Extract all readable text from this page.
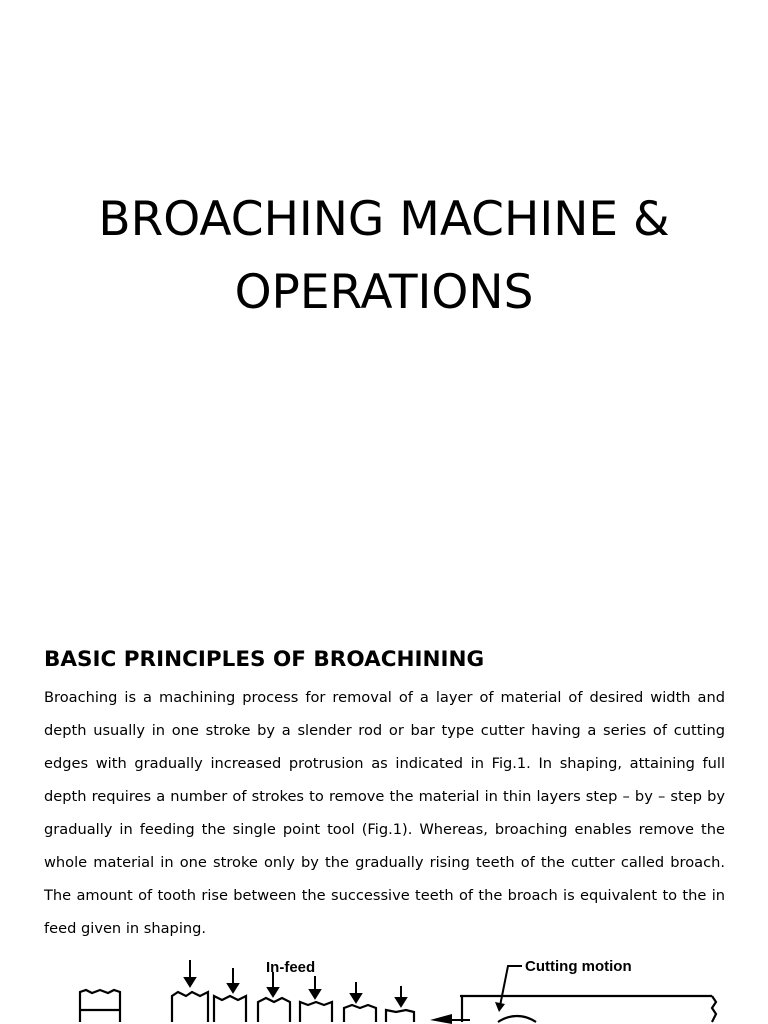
BROACHING MACHINE &
OPERATIONS
BASIC PRINCIPLES OF BROACHINING

Broaching is a machining process for removal of a layer of material of desired width and depth usually in one stroke by a slender rod or bar type cutter having a series of cutting edges with gradually increased protrusion as indicated in Fig.1. In shaping, attaining full depth requires a number of strokes to remove the material in thin layers step – by – step by gradually in feeding the single point tool (Fig.1). Whereas, broaching enables remove the whole material in one stroke only by the gradually rising teeth of the cutter called broach. The amount of tooth rise between the successive teeth of the broach is equivalent to the in feed given in shaping.

In-feed	Cutting motion
